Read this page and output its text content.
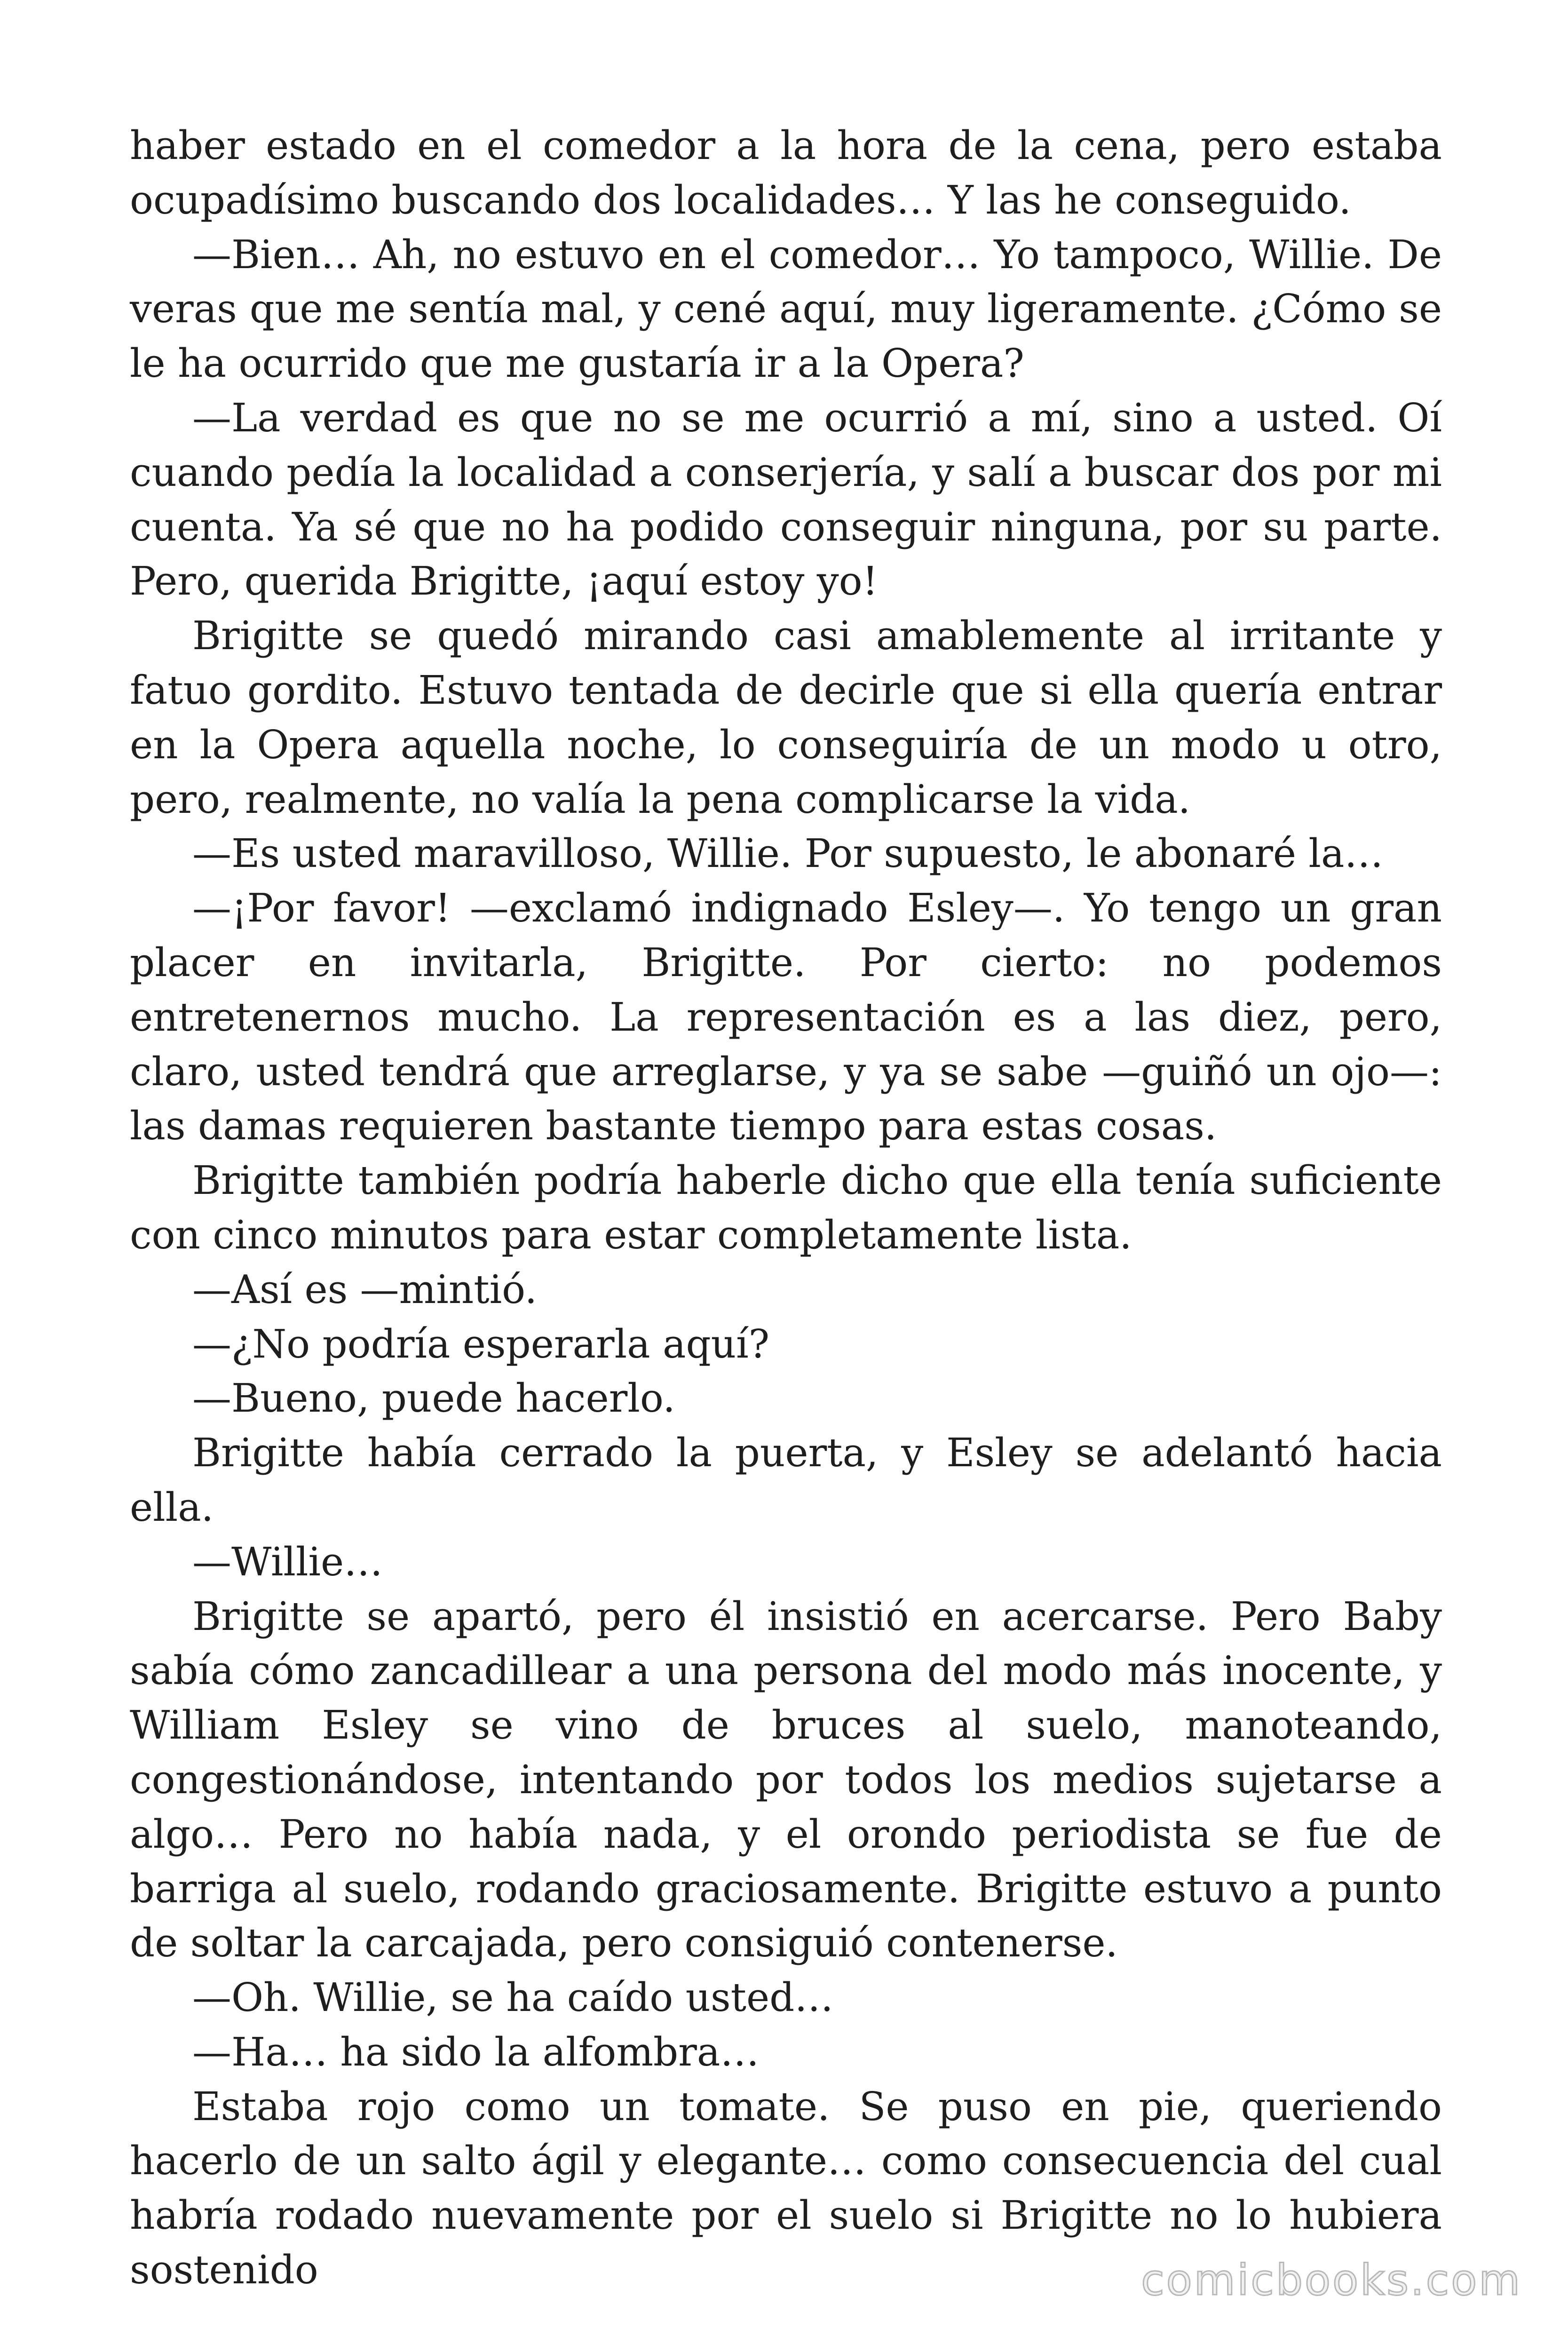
haber estado en el comedor a la hora de la cena, pero estaba ocupadísimo buscando dos localidades… Y las he conseguido.

—Bien… Ah, no estuvo en el comedor… Yo tampoco, Willie. De veras que me sentía mal, y cené aquí, muy ligeramente. ¿Cómo se le ha ocurrido que me gustaría ir a la Opera?

—La verdad es que no se me ocurrió a mí, sino a usted. Oí cuando pedía la localidad a conserjería, y salí a buscar dos por mi cuenta. Ya sé que no ha podido conseguir ninguna, por su parte. Pero, querida Brigitte, ¡aquí estoy yo!

Brigitte se quedó mirando casi amablemente al irritante y fatuo gordito. Estuvo tentada de decirle que si ella quería entrar en la Opera aquella noche, lo conseguiría de un modo u otro, pero, realmente, no valía la pena complicarse la vida.

—Es usted maravilloso, Willie. Por supuesto, le abonaré la…

—¡Por favor! —exclamó indignado Esley—. Yo tengo un gran placer en invitarla, Brigitte. Por cierto: no podemos entretenernos mucho. La representación es a las diez, pero, claro, usted tendrá que arreglarse, y ya se sabe —guiñó un ojo—: las damas requieren bastante tiempo para estas cosas.

Brigitte también podría haberle dicho que ella tenía suficiente con cinco minutos para estar completamente lista.

—Así es —mintió.

—¿No podría esperarla aquí?

—Bueno, puede hacerlo.

Brigitte había cerrado la puerta, y Esley se adelantó hacia ella.

—Willie…

Brigitte se apartó, pero él insistió en acercarse. Pero Baby sabía cómo zancadillear a una persona del modo más inocente, y William Esley se vino de bruces al suelo, manoteando, congestionándose, intentando por todos los medios sujetarse a algo… Pero no había nada, y el orondo periodista se fue de barriga al suelo, rodando graciosamente. Brigitte estuvo a punto de soltar la carcajada, pero consiguió contenerse.

—Oh. Willie, se ha caído usted…

—Ha… ha sido la alfombra…

Estaba rojo como un tomate. Se puso en pie, queriendo hacerlo de un salto ágil y elegante… como consecuencia del cual habría rodado nuevamente por el suelo si Brigitte no lo hubiera sostenido	comicbooks.com
